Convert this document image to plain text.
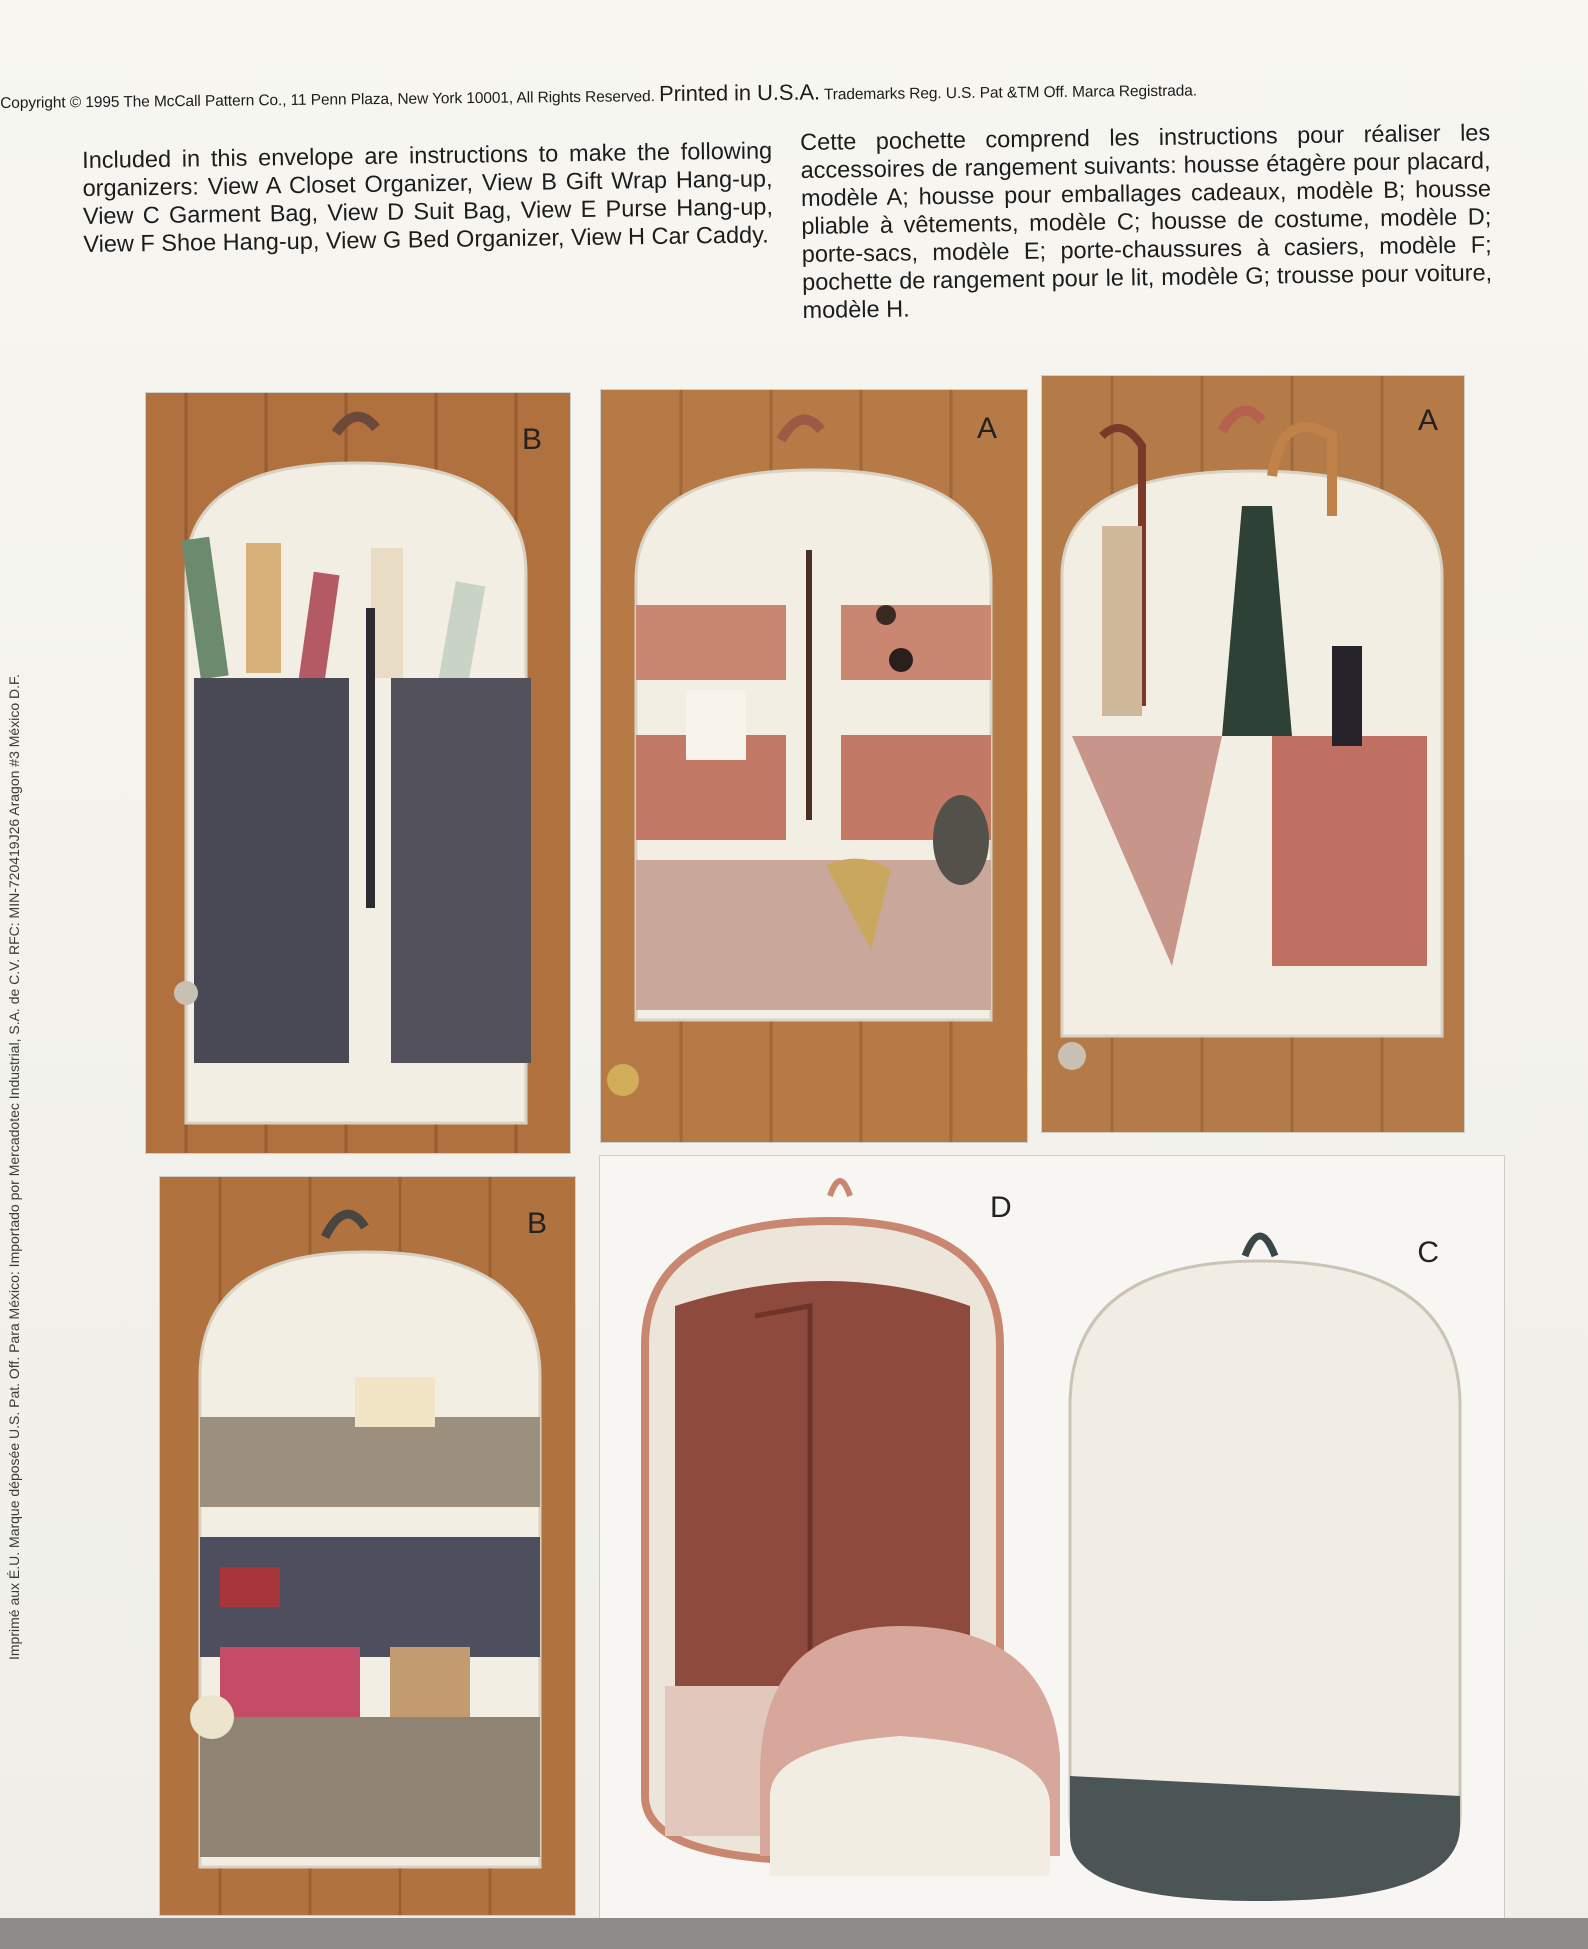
Copyright © 1995 The McCall Pattern Co., 11 Penn Plaza, New York 10001, All Rights Reserved. Printed in U.S.A. Trademarks Reg. U.S. Pat &TM Off. Marca Registrada.
Included in this envelope are instructions to make the following organizers: View A Closet Organizer, View B Gift Wrap Hang-up, View C Garment Bag, View D Suit Bag, View E Purse Hang-up, View F Shoe Hang-up, View G Bed Organizer, View H Car Caddy.
Cette pochette comprend les instructions pour réaliser les accessoires de rangement suivants: housse étagère pour placard, modèle A; housse pour emballages cadeaux, modèle B; housse pliable à vêtements, modèle C; housse de costume, modèle D; porte-sacs, modèle E; porte-chaussures à casiers, modèle F; pochette de rangement pour le lit, modèle G; trousse pour voiture, modèle H.
Imprimé aux É.U. Marque déposée U.S. Pat. Off. Para México: Importado por Mercadotec Industrial, S.A. de C.V. RFC: MIN-720419J26 Aragon #3 México D.F.
B	A	A
B	D
C
